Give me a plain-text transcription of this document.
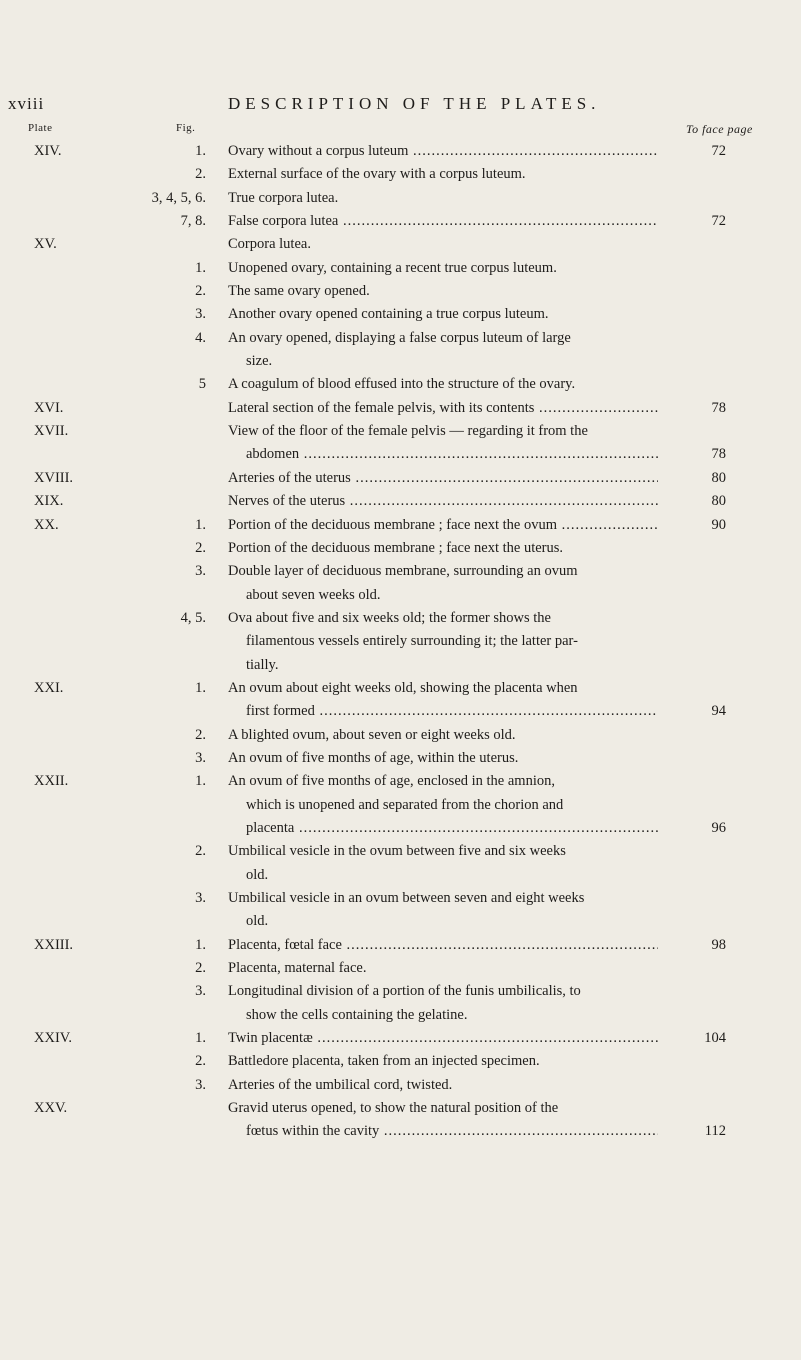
xviii	DESCRIPTION OF THE PLATES.
Plate	Fig.	To face page
XIV.	1. Ovary without a corpus luteum .....	72
2. External surface of the ovary with a corpus luteum.
3, 4, 5, 6. True corpora lutea.
7, 8. False corpora lutea .....	72
XV.	Corpora lutea.
1. Unopened ovary, containing a recent true corpus luteum.
2. The same ovary opened.
3. Another ovary opened containing a true corpus luteum.
4. An ovary opened, displaying a false corpus luteum of large
size.
5 A coagulum of blood effused into the structure of the ovary.
XVI.	Lateral section of the female pelvis, with its contents .....	78
XVII.	View of the floor of the female pelvis — regarding it from the
abdomen .....	78
XVIII.	Arteries of the uterus .....	80
XIX.	Nerves of the uterus .....	80
XX.	1. Portion of the deciduous membrane ; face next the ovum .....	90
2. Portion of the deciduous membrane ; face next the uterus.
3. Double layer of deciduous membrane, surrounding an ovum
about seven weeks old.
4, 5. Ova about five and six weeks old; the former shows the
filamentous vessels entirely surrounding it; the latter par-
tially.
XXI.	1. An ovum about eight weeks old, showing the placenta when
first formed .....	94
2. A blighted ovum, about seven or eight weeks old.
3. An ovum of five months of age, within the uterus.
XXII.	1. An ovum of five months of age, enclosed in the amnion,
which is unopened and separated from the chorion and
placenta .....	96
2. Umbilical vesicle in the ovum between five and six weeks
old.
3. Umbilical vesicle in an ovum between seven and eight weeks
old.
XXIII.	1. Placenta, fœtal face .....	98
2. Placenta, maternal face.
3. Longitudinal division of a portion of the funis umbilicalis, to
show the cells containing the gelatine.
XXIV.	1. Twin placentæ .....	104
2. Battledore placenta, taken from an injected specimen.
3. Arteries of the umbilical cord, twisted.
XXV.	Gravid uterus opened, to show the natural position of the
fœtus within the cavity .....	112
